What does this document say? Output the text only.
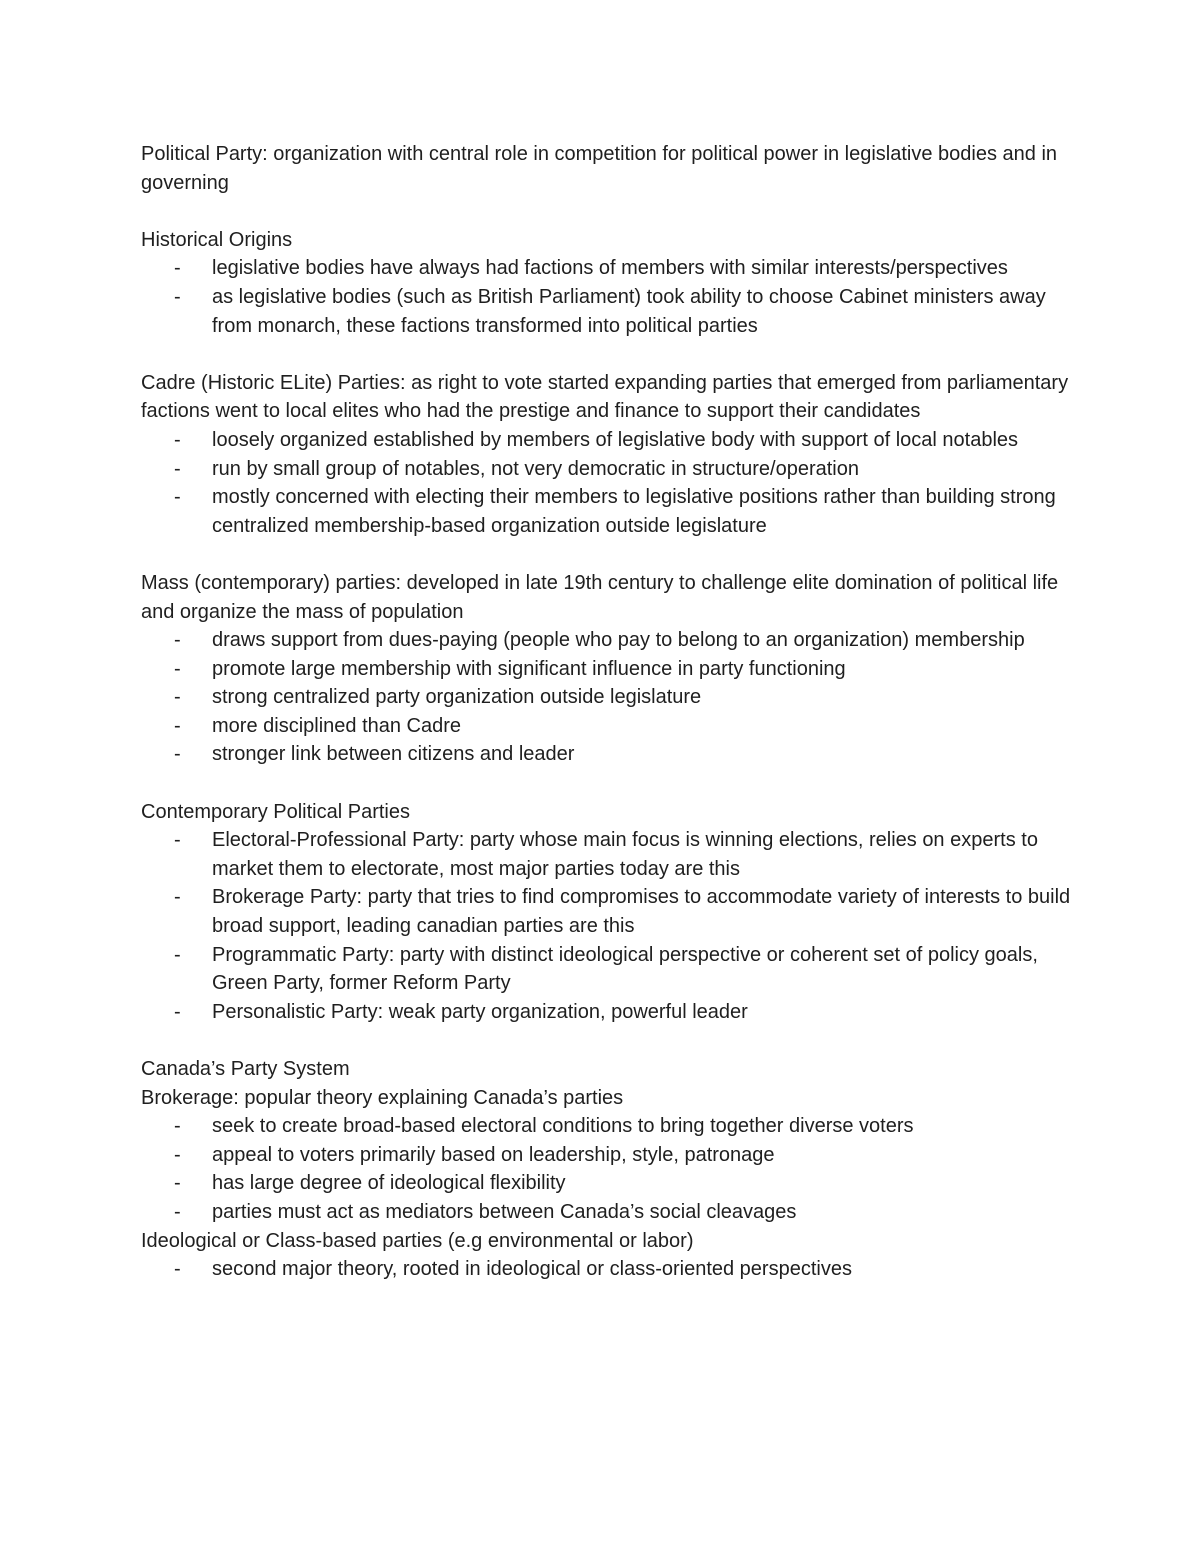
Political Party: organization with central role in competition for political power in legislative bodies and in governing

Historical Origins

- legislative bodies have always had factions of members with similar interests/perspectives
- as legislative bodies (such as British Parliament) took ability to choose Cabinet ministers away from monarch, these factions transformed into political parties

Cadre (Historic ELite) Parties: as right to vote started expanding parties that emerged from parliamentary factions went to local elites who had the prestige and finance to support their candidates

- loosely organized established by members of legislative body with support of local notables
- run by small group of notables, not very democratic in structure/operation
- mostly concerned with electing their members to legislative positions rather than building strong centralized membership-based organization outside legislature

Mass (contemporary) parties: developed in late 19th century to challenge elite domination of political life and organize the mass of population

- draws support from dues-paying (people who pay to belong to an organization) membership
- promote large membership with significant influence in party functioning
- strong centralized party organization outside legislature
- more disciplined than Cadre
- stronger link between citizens and leader

Contemporary Political Parties

- Electoral-Professional Party: party whose main focus is winning elections, relies on experts to market them to electorate, most major parties today are this
- Brokerage Party: party that tries to find compromises to accommodate variety of interests to build broad support, leading canadian parties are this
- Programmatic Party: party with distinct ideological perspective or coherent set of policy goals, Green Party, former Reform Party
- Personalistic Party: weak party organization, powerful leader

Canada’s Party System

Brokerage: popular theory explaining Canada’s parties

- seek to create broad-based electoral conditions to bring together diverse voters
- appeal to voters primarily based on leadership, style, patronage
- has large degree of ideological flexibility
- parties must act as mediators between Canada’s social cleavages

Ideological or Class-based parties (e.g environmental or labor)

- second major theory, rooted in ideological or class-oriented perspectives
